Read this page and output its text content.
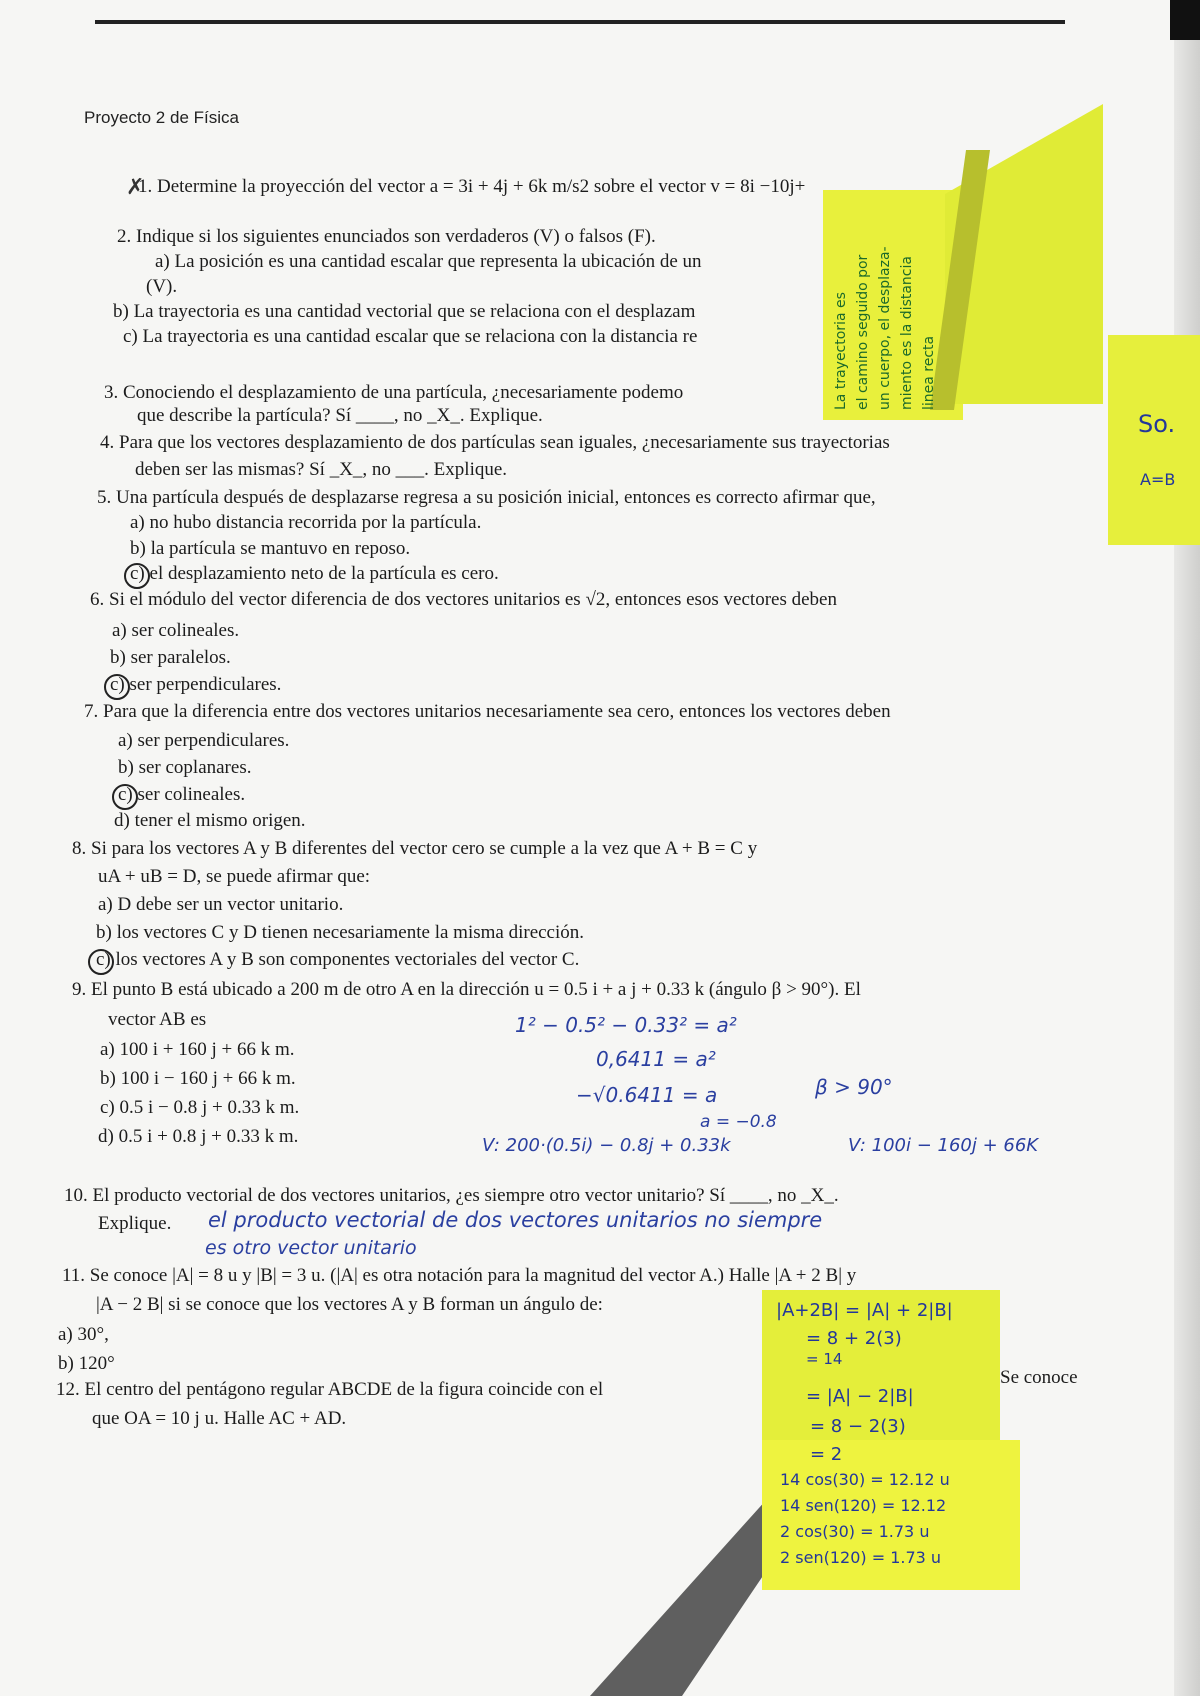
Proyecto 2 de Física
✗
1. Determine la proyección del vector a = 3i + 4j + 6k m/s2 sobre el vector v = 8i −10j+
2. Indique si los siguientes enunciados son verdaderos (V) o falsos (F).
a) La posición es una cantidad escalar que representa la ubicación de un
(V).
b) La trayectoria es una cantidad vectorial que se relaciona con el desplazam
c) La trayectoria es una cantidad escalar que se relaciona con la distancia re
3. Conociendo el desplazamiento de una partícula, ¿necesariamente podemo
que describe la partícula? Sí ____, no _X_. Explique.
4. Para que los vectores desplazamiento de dos partículas sean iguales, ¿necesariamente sus trayectorias
deben ser las mismas? Sí _X_, no ___. Explique.
5. Una partícula después de desplazarse regresa a su posición inicial, entonces es correcto afirmar que,
a) no hubo distancia recorrida por la partícula.
b) la partícula se mantuvo en reposo.
c) el desplazamiento neto de la partícula es cero.
6. Si el módulo del vector diferencia de dos vectores unitarios es √2, entonces esos vectores deben
a) ser colineales.
b) ser paralelos.
c) ser perpendiculares.
7. Para que la diferencia entre dos vectores unitarios necesariamente sea cero, entonces los vectores deben
a) ser perpendiculares.
b) ser coplanares.
c) ser colineales.
d) tener el mismo origen.
8. Si para los vectores A y B diferentes del vector cero se cumple a la vez que A + B = C y
uA + uB = D, se puede afirmar que:
a) D debe ser un vector unitario.
b) los vectores C y D tienen necesariamente la misma dirección.
c) los vectores A y B son componentes vectoriales del vector C.
9. El punto B está ubicado a 200 m de otro A en la dirección u = 0.5 i + a j + 0.33 k (ángulo β > 90°). El
vector AB es
a) 100 i + 160 j + 66 k m.
b) 100 i − 160 j + 66 k m.
c) 0.5 i − 0.8 j + 0.33 k m.
d) 0.5 i + 0.8 j + 0.33 k m.
1² − 0.5² − 0.33² = a²
0,6411 = a²
−√0.6411 = a	β > 90°
a = −0.8
V: 200·(0.5i) − 0.8j + 0.33k	V: 100i − 160j + 66K
10. El producto vectorial de dos vectores unitarios, ¿es siempre otro vector unitario? Sí ____, no _X_.
Explique. el producto vectorial de dos vectores unitarios no siempre
es otro vector unitario
11. Se conoce |A| = 8 u y |B| = 3 u. (|A| es otra notación para la magnitud del vector A.) Halle |A + 2 B| y
|A − 2 B| si se conoce que los vectores A y B forman un ángulo de:
a) 30°,
b) 120°
12. El centro del pentágono regular ABCDE de la figura coincide con el
Se conoce
que OA = 10 j u. Halle AC + AD.
La trayectoria es el camino seguido por un cuerpo, el desplaza- miento es la distancia linea recta
So.
A=B
|A+2B| = |A| + 2|B|
= 8 + 2(3)
= 14
= |A| − 2|B|
= 8 − 2(3)
= 2
14 cos(30) = 12.12 u
14 sen(120) = 12.12
2 cos(30) = 1.73 u
2 sen(120) = 1.73 u
